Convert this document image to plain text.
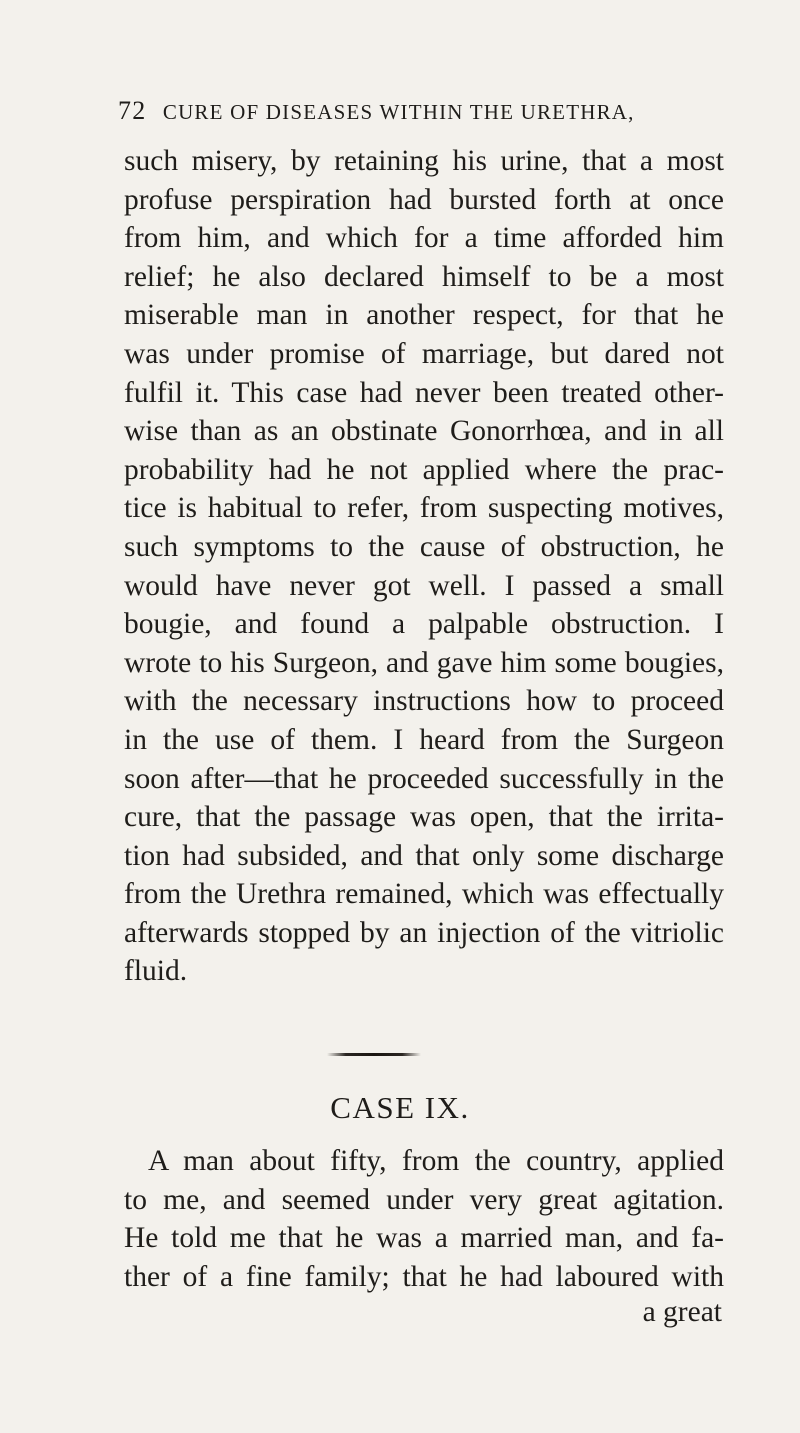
72 CURE OF DISEASES WITHIN THE URETHRA,
such misery, by retaining his urine, that a most
profuse perspiration had bursted forth at once
from him, and which for a time afforded him
relief; he also declared himself to be a most
miserable man in another respect, for that he
was under promise of marriage, but dared not
fulfil it. This case had never been treated other-
wise than as an obstinate Gonorrhœa, and in all
probability had he not applied where the prac-
tice is habitual to refer, from suspecting motives,
such symptoms to the cause of obstruction, he
would have never got well. I passed a small
bougie, and found a palpable obstruction. I
wrote to his Surgeon, and gave him some bougies,
with the necessary instructions how to proceed
in the use of them. I heard from the Surgeon
soon after—that he proceeded successfully in the
cure, that the passage was open, that the irrita-
tion had subsided, and that only some discharge
from the Urethra remained, which was effectually
afterwards stopped by an injection of the vitriolic
fluid.
CASE IX.
A man about fifty, from the country, applied
to me, and seemed under very great agitation.
He told me that he was a married man, and fa-
ther of a fine family; that he had laboured with
a great
